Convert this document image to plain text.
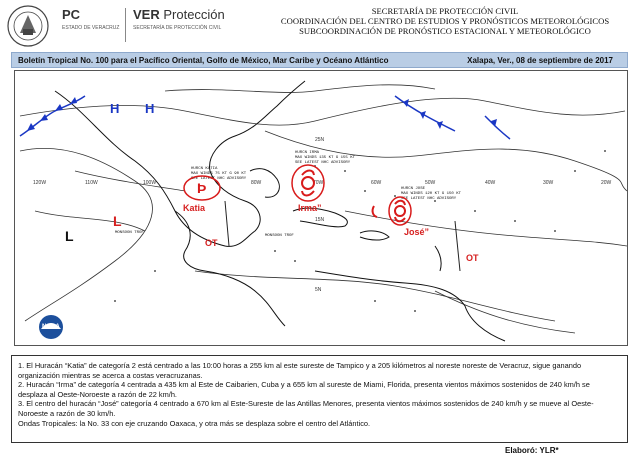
PC
ESTADO DE VERACRUZ
VER Protección
SECRETARÍA DE PROTECCIÓN CIVIL
SECRETARÍA DE PROTECCIÓN CIVIL
COORDINACIÓN DEL CENTRO DE ESTUDIOS Y PRONÓSTICOS METEOROLÓGICOS
SUBCOORDINACIÓN DE PRONÓSTICO ESTACIONAL Y METEOROLÓGICO
Boletín Tropical No. 100 para el Pacífico Oriental, Golfo de México, Mar Caribe y Océano Atlántico	Xalapa, Ver., 08 de septiembre de 2017
120W	110W	100W	80W	70W	60W	50W	40W	30W	20W
25N
15N
5N
HURCN KATIA
MAX WINDS 75 KT G 90 KT
SEE LATEST NHC ADVISORY
HURCN IRMA
MAX WINDS 135 KT G 155 KT
SEE LATEST NHC ADVISORY
HURCN JOSE
MAX WINDS 120 KT G 150 KT
SEE LATEST NHC ADVISORY
MONSOON TROF
MONSOON TROF
Þ
Katia	Irma”
José”
L
L
H H
OT
OT
NOAA

1. El Huracán “Katia” de categoría 2 está centrado a las 10:00 horas a 255 km al este sureste de Tampico y a 205 kilómetros al noreste noreste de Veracruz, sigue ganando organización mientras se acerca a costas veracruzanas.

2. Huracán “Irma” de categoría 4 centrada a 435 km al Este de Caibarien, Cuba y a 655 km al sureste de Miami, Florida, presenta vientos máximos sostenidos de 240 km/h se desplaza al Oeste-Noroeste a razón de 22 km/h.

3. El centro del huracán “José” categoría 4 centrado a 670 km al Este-Sureste de las Antillas Menores, presenta vientos máximos sostenidos de 240 km/h y se mueve al Oeste-Noroeste a razón de 30 km/h.

Ondas Tropicales: la No. 33 con eje cruzando Oaxaca, y otra más se desplaza sobre el centro del Atlántico.

Elaboró: YLR*
